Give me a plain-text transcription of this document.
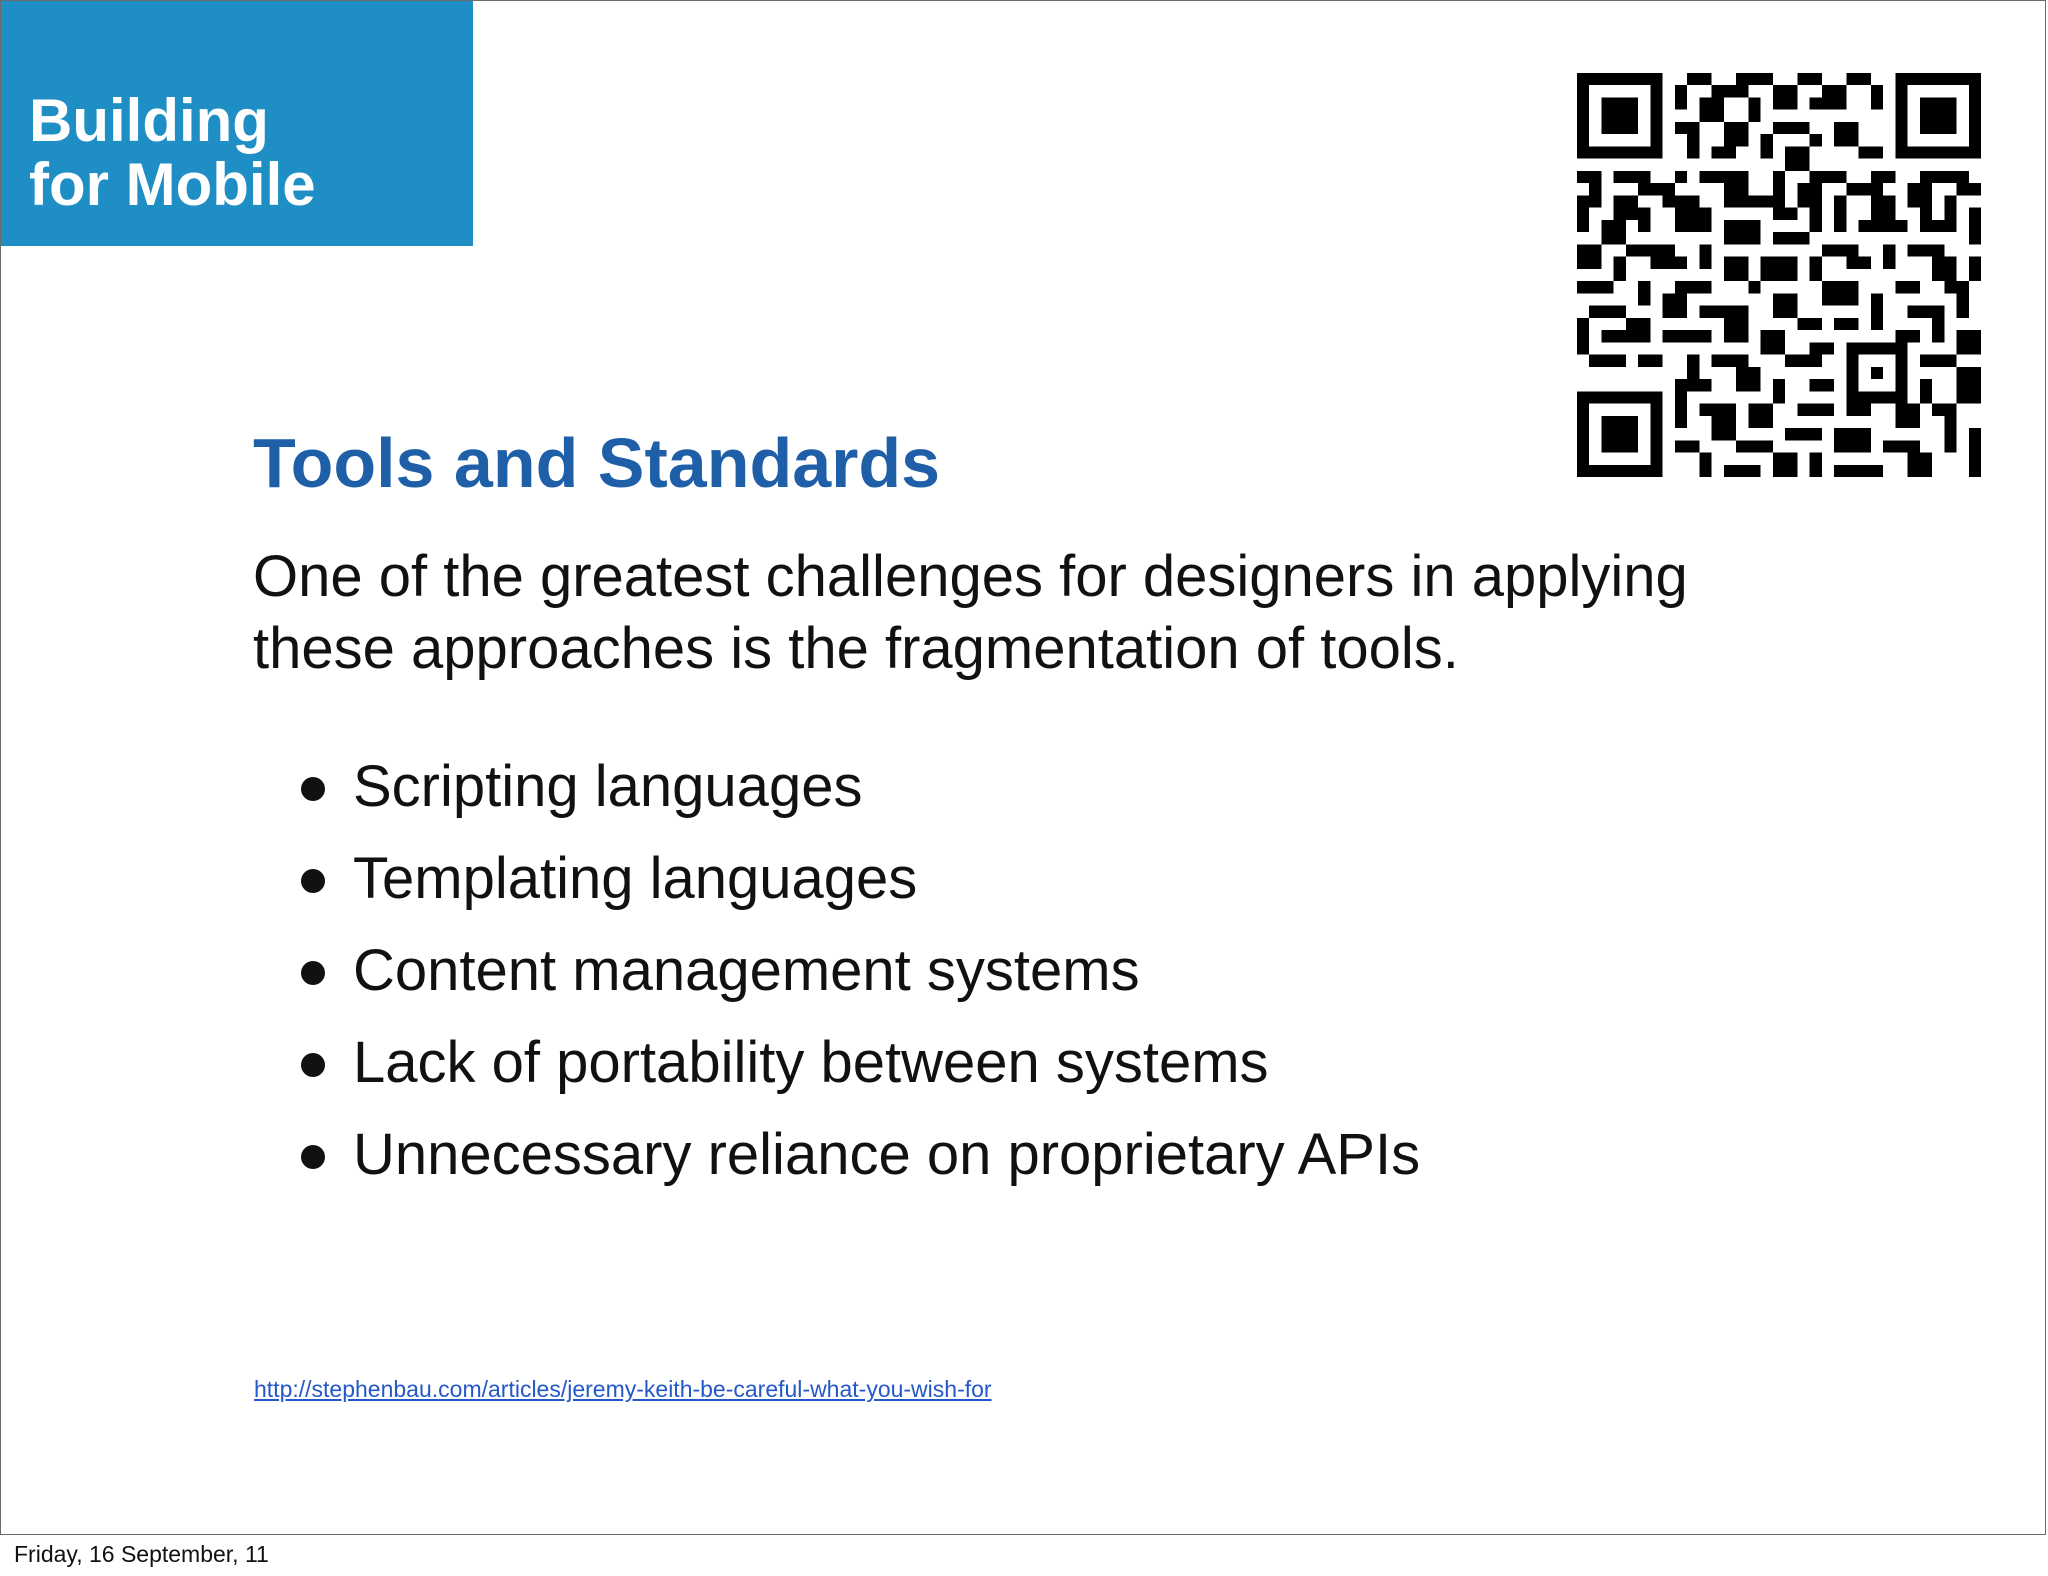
Building
for Mobile
Tools and Standards

One of the greatest challenges for designers in applying these approaches is the fragmentation of tools.

Scripting languages
Templating languages
Content management systems
Lack of portability between systems
Unnecessary reliance on proprietary APIs
http://stephenbau.com/articles/jeremy-keith-be-careful-what-you-wish-for
Friday, 16 September, 11
